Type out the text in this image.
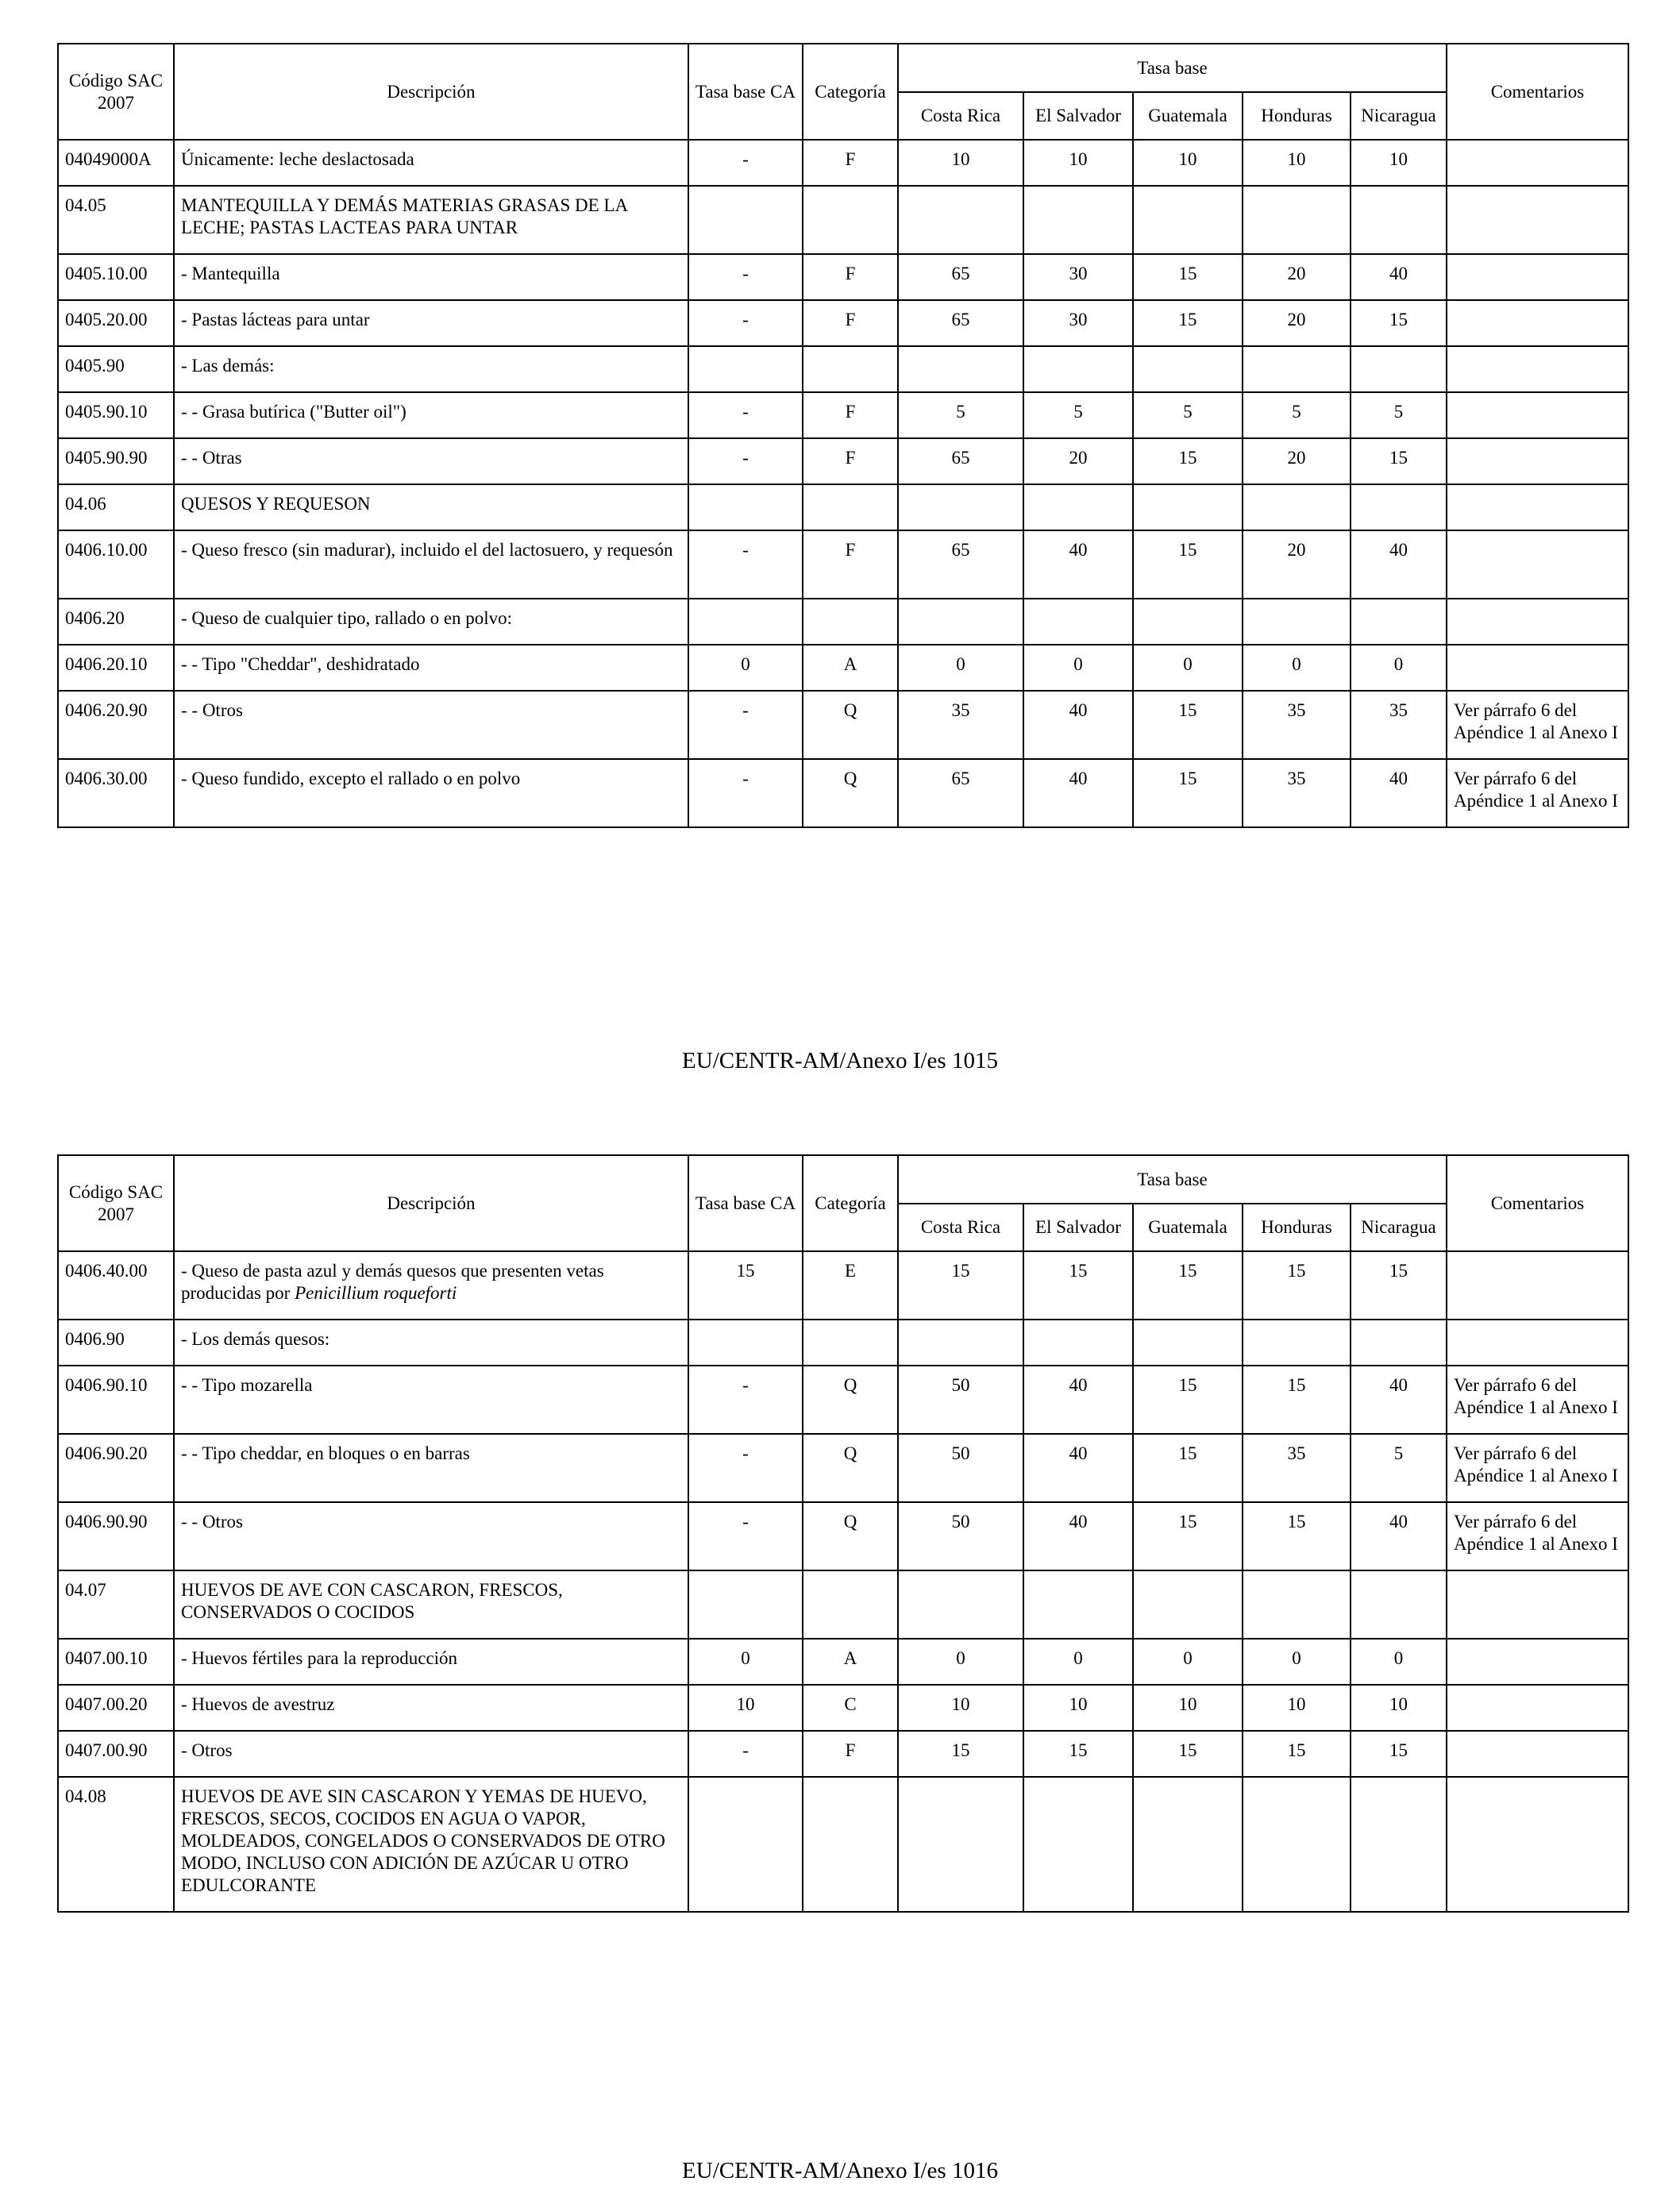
Código SAC 2007	Descripción	Tasa base CA	Categoría	Tasa base					Comentarios
				Costa Rica	El Salvador	Guatemala	Honduras	Nicaragua	
04049000A	Únicamente: leche deslactosada	-	F	10	10	10	10	10	
04.05	MANTEQUILLA Y DEMÁS MATERIAS GRASAS DE LA LECHE; PASTAS LACTEAS PARA UNTAR								
0405.10.00	- Mantequilla	-	F	65	30	15	20	40	
0405.20.00	- Pastas lácteas para untar	-	F	65	30	15	20	15	
0405.90	- Las demás:								
0405.90.10	- - Grasa butírica ("Butter oil")	-	F	5	5	5	5	5	
0405.90.90	- - Otras	-	F	65	20	15	20	15	
04.06	QUESOS Y REQUESON								
0406.10.00	- Queso fresco (sin madurar), incluido el del lactosuero, y requesón	-	F	65	40	15	20	40	
0406.20	- Queso de cualquier tipo, rallado o en polvo:								
0406.20.10	- - Tipo "Cheddar", deshidratado	0	A	0	0	0	0	0	
0406.20.90	- - Otros	-	Q	35	40	15	35	35	Ver párrafo 6 del Apéndice 1 al Anexo I
0406.30.00	- Queso fundido, excepto el rallado o en polvo	-	Q	65	40	15	35	40	Ver párrafo 6 del Apéndice 1 al Anexo I
EU/CENTR-AM/Anexo I/es 1015
Código SAC 2007	Descripción	Tasa base CA	Categoría	Tasa base					Comentarios
				Costa Rica	El Salvador	Guatemala	Honduras	Nicaragua	
0406.40.00	- Queso de pasta azul y demás quesos que presenten vetas producidas por Penicillium roqueforti	15	E	15	15	15	15	15	
0406.90	- Los demás quesos:								
0406.90.10	- - Tipo mozarella	-	Q	50	40	15	15	40	Ver párrafo 6 del Apéndice 1 al Anexo I
0406.90.20	- - Tipo cheddar, en bloques o en barras	-	Q	50	40	15	35	5	Ver párrafo 6 del Apéndice 1 al Anexo I
0406.90.90	- - Otros	-	Q	50	40	15	15	40	Ver párrafo 6 del Apéndice 1 al Anexo I
04.07	HUEVOS DE AVE CON CASCARON, FRESCOS, CONSERVADOS O COCIDOS								
0407.00.10	- Huevos fértiles para la reproducción	0	A	0	0	0	0	0	
0407.00.20	- Huevos de avestruz	10	C	10	10	10	10	10	
0407.00.90	- Otros	-	F	15	15	15	15	15	
04.08	HUEVOS DE AVE SIN CASCARON Y YEMAS DE HUEVO, FRESCOS, SECOS, COCIDOS EN AGUA O VAPOR, MOLDEADOS, CONGELADOS O CONSERVADOS DE OTRO MODO, INCLUSO CON ADICIÓN DE AZÚCAR U OTRO EDULCORANTE								
EU/CENTR-AM/Anexo I/es 1016
